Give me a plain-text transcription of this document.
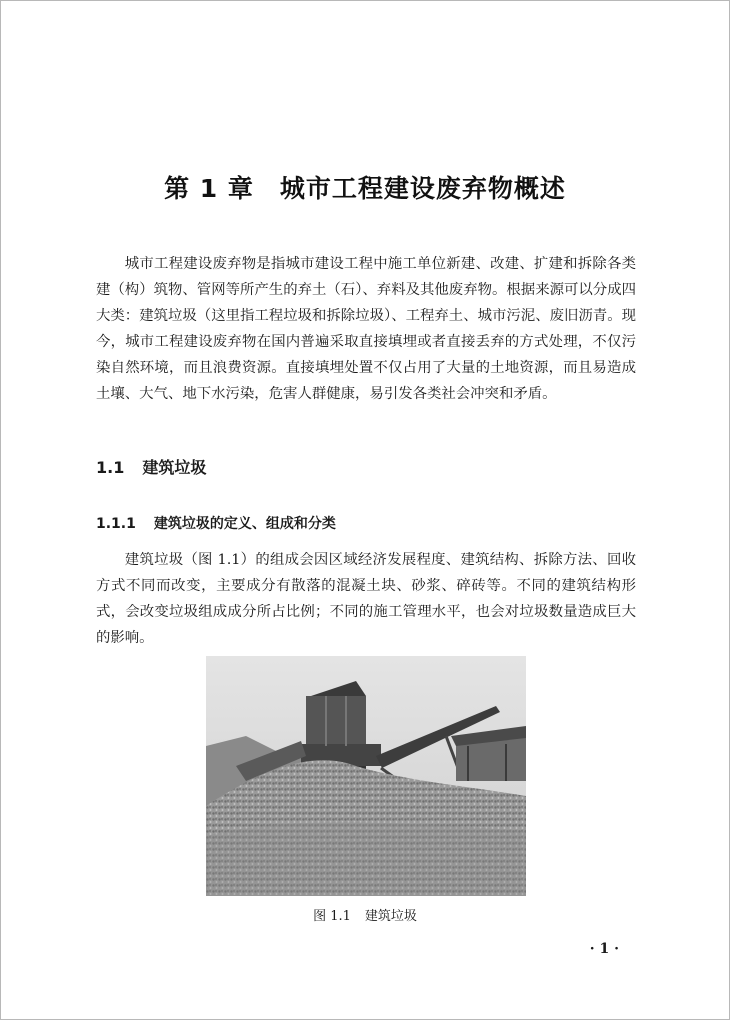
第 1 章 城市工程建设废弃物概述

城市工程建设废弃物是指城市建设工程中施工单位新建、改建、扩建和拆除各类建（构）筑物、管网等所产生的弃土（石）、弃料及其他废弃物。根据来源可以分成四大类：建筑垃圾（这里指工程垃圾和拆除垃圾）、工程弃土、城市污泥、废旧沥青。现今，城市工程建设废弃物在国内普遍采取直接填埋或者直接丢弃的方式处理，不仅污染自然环境，而且浪费资源。直接填埋处置不仅占用了大量的土地资源，而且易造成土壤、大气、地下水污染，危害人群健康，易引发各类社会冲突和矛盾。

1.1 建筑垃圾
1.1.1 建筑垃圾的定义、组成和分类

建筑垃圾（图 1.1）的组成会因区域经济发展程度、建筑结构、拆除方法、回收方式不同而改变，主要成分有散落的混凝土块、砂浆、碎砖等。不同的建筑结构形式，会改变垃圾组成成分所占比例；不同的施工管理水平，也会对垃圾数量造成巨大的影响。

图 1.1 建筑垃圾
· 1 ·
